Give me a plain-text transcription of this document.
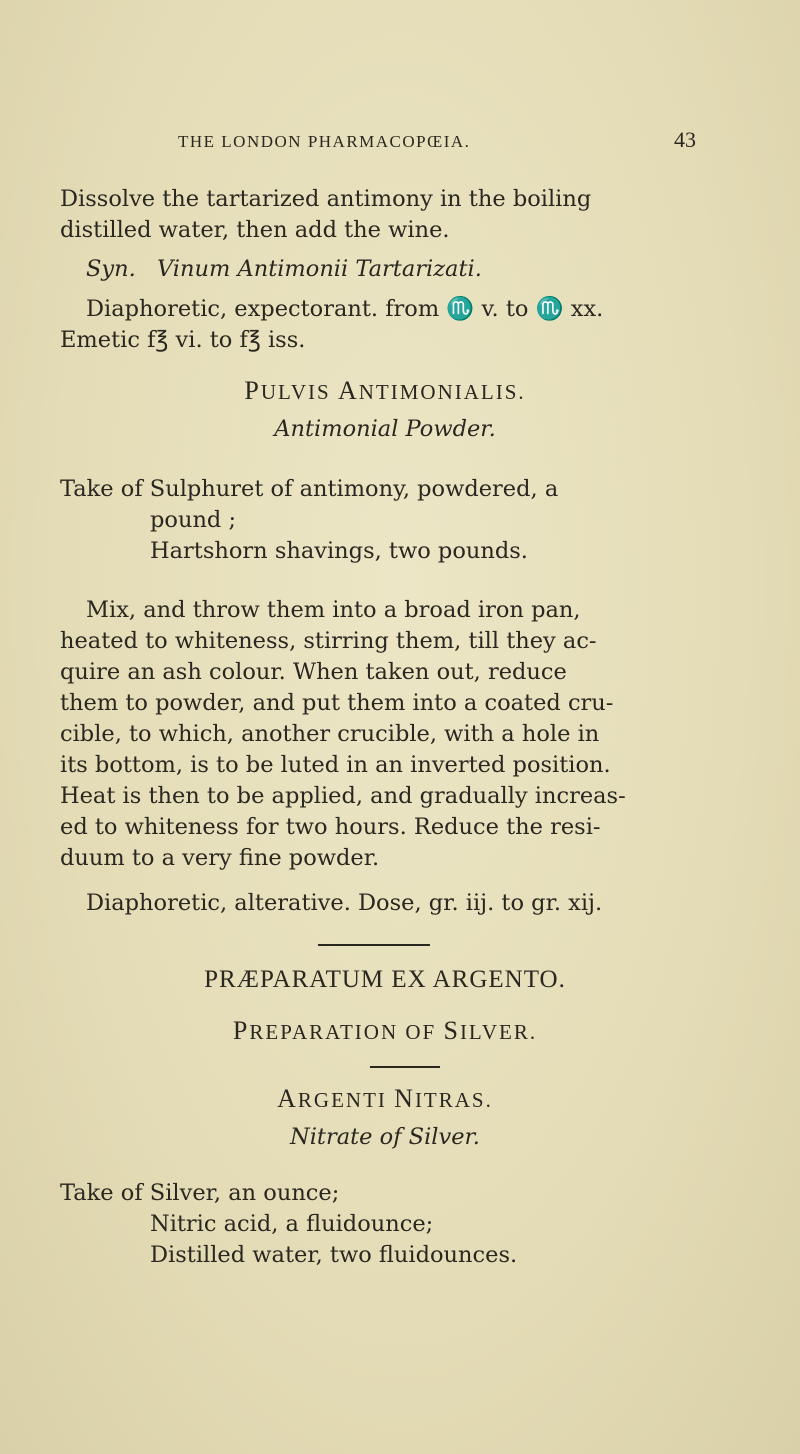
THE LONDON PHARMACOPŒIA.	43
Dissolve the tartarized antimony in the boiling
distilled water, then add the wine.
Syn. Vinum Antimonii Tartarizati.
Diaphoretic, expectorant. from ♏ v. to ♏ xx.
Emetic f℥ vi. to f℥ iss.
PULVIS ANTIMONIALIS.
Antimonial Powder.
Take of Sulphuret of antimony, powdered, a
pound ;
Hartshorn shavings, two pounds.
Mix, and throw them into a broad iron pan,
heated to whiteness, stirring them, till they ac-
quire an ash colour. When taken out, reduce
them to powder, and put them into a coated cru-
cible, to which, another crucible, with a hole in
its bottom, is to be luted in an inverted position.
Heat is then to be applied, and gradually increas-
ed to whiteness for two hours. Reduce the resi-
duum to a very fine powder.
Diaphoretic, alterative. Dose, gr. iij. to gr. xij.
PRÆPARATUM EX ARGENTO.
PREPARATION OF SILVER.
ARGENTI NITRAS.
Nitrate of Silver.
Take of Silver, an ounce;
Nitric acid, a fluidounce;
Distilled water, two fluidounces.
